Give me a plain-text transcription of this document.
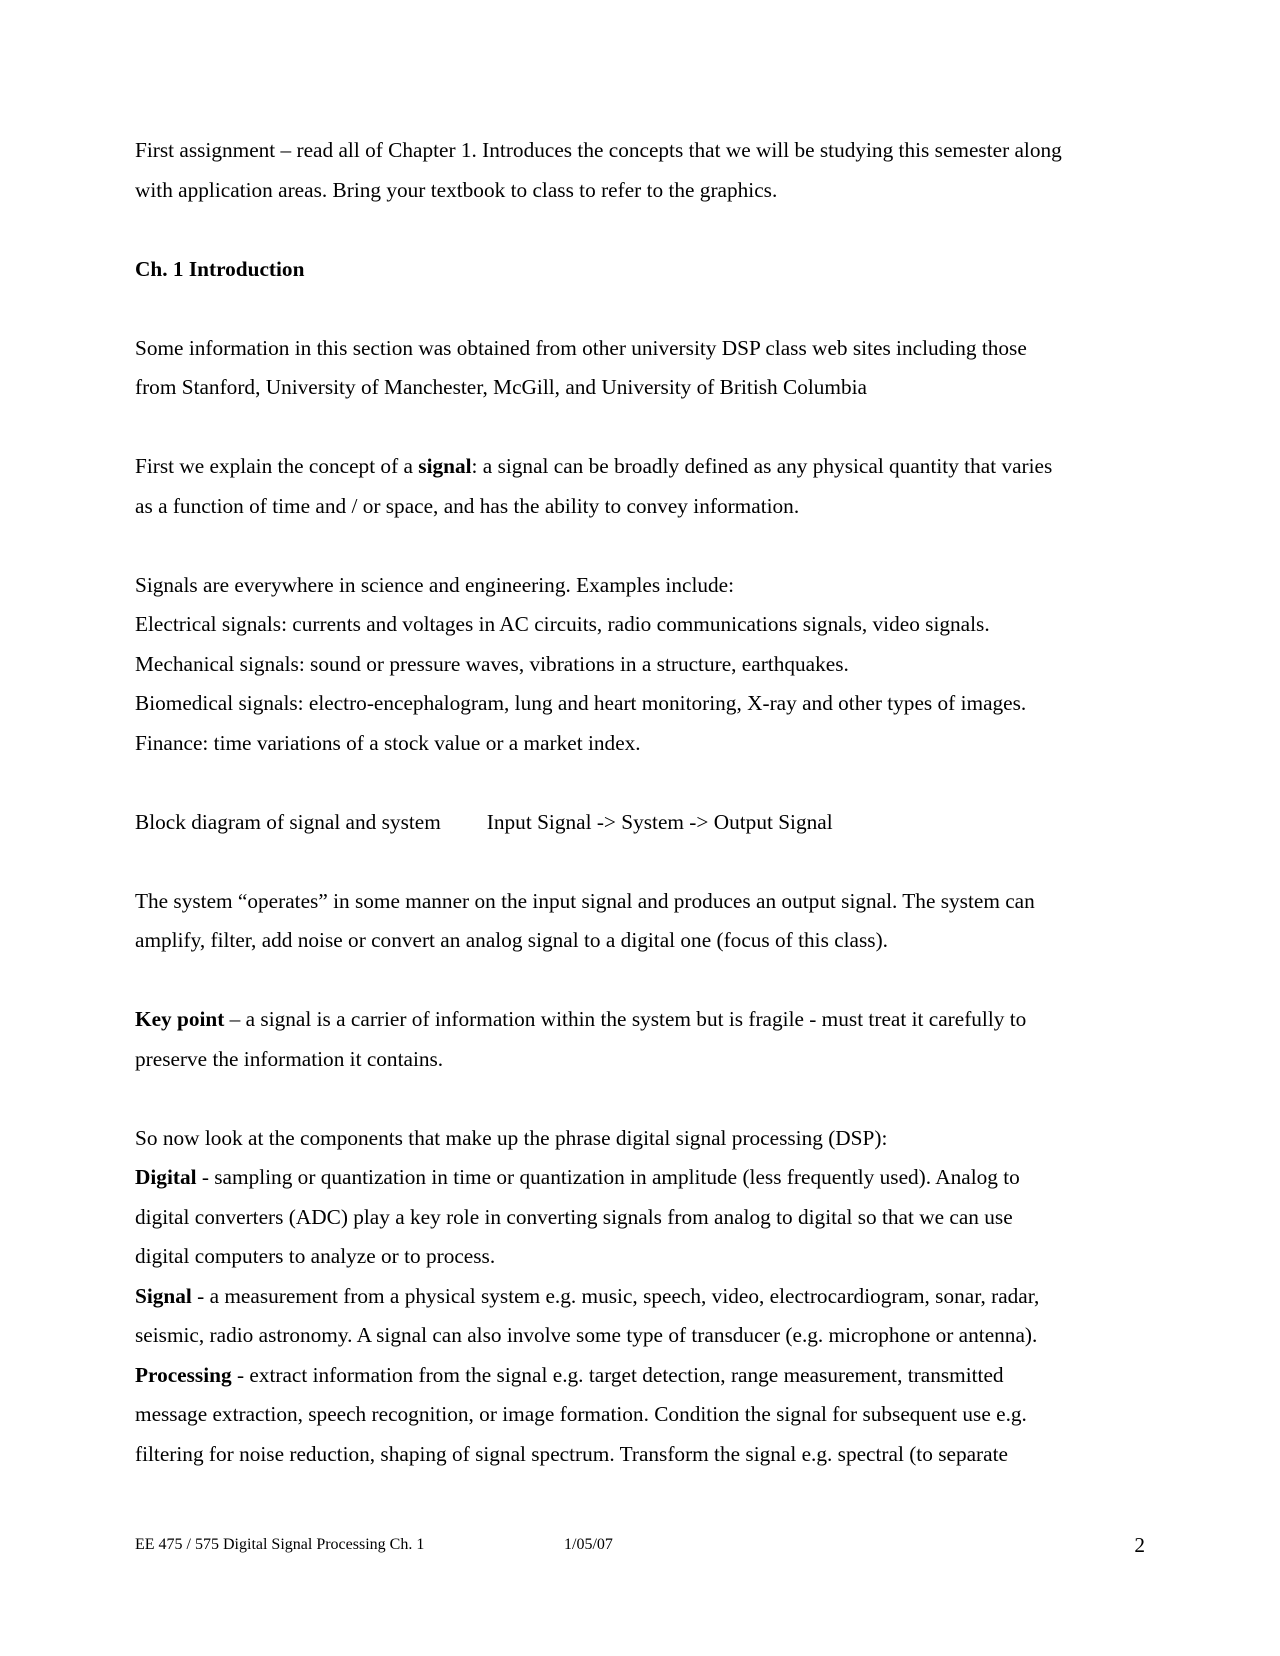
First assignment – read all of Chapter 1. Introduces the concepts that we will be studying this semester along

with application areas. Bring your textbook to class to refer to the graphics.

Ch. 1 Introduction

Some information in this section was obtained from other university DSP class web sites including those

from Stanford, University of Manchester, McGill, and University of British Columbia

First we explain the concept of a signal: a signal can be broadly defined as any physical quantity that varies

as a function of time and / or space, and has the ability to convey information.

Signals are everywhere in science and engineering. Examples include:

Electrical signals: currents and voltages in AC circuits, radio communications signals, video signals.

Mechanical signals: sound or pressure waves, vibrations in a structure, earthquakes.

Biomedical signals: electro-encephalogram, lung and heart monitoring, X-ray and other types of images.

Finance: time variations of a stock value or a market index.

Block diagram of signal and system Input Signal -> System -> Output Signal

The system “operates” in some manner on the input signal and produces an output signal. The system can

amplify, filter, add noise or convert an analog signal to a digital one (focus of this class).

Key point – a signal is a carrier of information within the system but is fragile - must treat it carefully to

preserve the information it contains.

So now look at the components that make up the phrase digital signal processing (DSP):

Digital - sampling or quantization in time or quantization in amplitude (less frequently used). Analog to

digital converters (ADC) play a key role in converting signals from analog to digital so that we can use

digital computers to analyze or to process.

Signal - a measurement from a physical system e.g. music, speech, video, electrocardiogram, sonar, radar,

seismic, radio astronomy. A signal can also involve some type of transducer (e.g. microphone or antenna).

Processing - extract information from the signal e.g. target detection, range measurement, transmitted

message extraction, speech recognition, or image formation. Condition the signal for subsequent use e.g.

filtering for noise reduction, shaping of signal spectrum. Transform the signal e.g. spectral (to separate

EE 475 / 575 Digital Signal Processing Ch. 1	1/05/07	2
